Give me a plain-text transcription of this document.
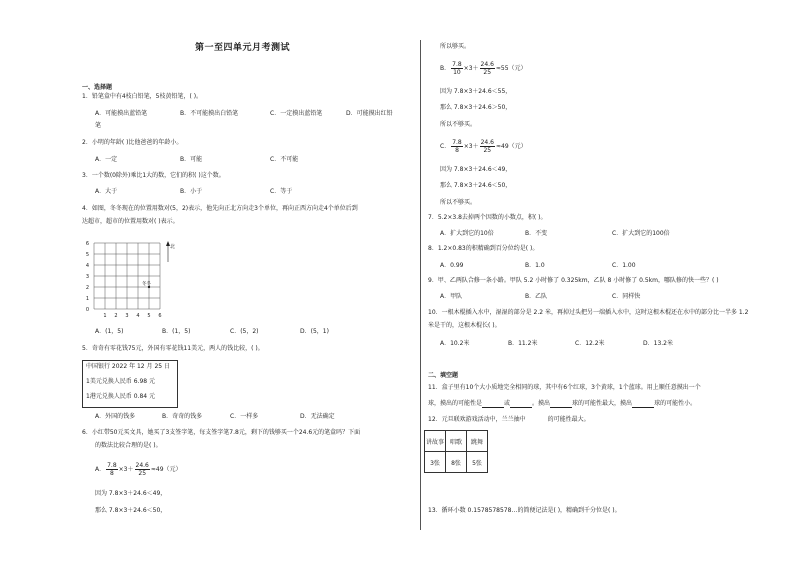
第一至四单元月考测试
一、选择题
1．铅笔盒中有4枝白铅笔，5枝黄铅笔，( )。
A．可能摸出蓝铅笔	B．不可能摸出白铅笔	C．一定摸出蓝铅笔	D．可能摸出红铅
笔
2．小明的年龄( )比他爸爸的年龄小。
A．一定	B．可能	C．不可能
3．一个数(0除外)乘比1大的数，它们的积( )这个数。
A．大于	B．小于	C．等于
4．如图，冬冬现在的位置用数对(5，2)表示，他先向正北方向走3个单位，再向正西方向走4个单位后到
达超市，超市的位置用数对( )表示。
6
5
4
3
2
1
0
1 2 3 4 5 6
北
冬冬
A．(1，5)	B．(1，5)	C．(5，2)	D．(5，1)
5．奇奇有零花钱75元，外国有零花钱11美元，两人的钱比较，( )。
中国银行 2022 年 12 月 25 日
1美元兑换人民币 6.98 元
1港元兑换人民币 0.84 元
A．外国的钱多	B．奇奇的钱多	C．一样多	D．无法确定
6．小红带50元买文具，她买了3支签字笔，每支签字笔7.8元，剩下的钱够买一个24.6元的笔盒吗？下面
的数法比较合理的是( )。
A． $\frac{7.8}{8} \times 3+ \frac{24.6}{25} \approx 49$（元）
因为 7.8×3＋24.6＜49，
那么 7.8×3＋24.6＜50，
所以够买。
B． $\frac{7.8}{10} \times 3+ \frac{24.6}{25} \approx 55$（元）
因为 7.8×3＋24.6＜55，
那么 7.8×3＋24.6＞50，
所以不够买。
C． $\frac{7.8}{8} \times 3+ \frac{24.6}{25} \approx 49$（元）
因为 7.8×3＋24.6＜49，
那么 7.8×3＋24.6＜50，
所以不够买。
7．5.2×3.8去掉两个因数的小数点，积( )。
A．扩大到它的10倍	B．不变	C．扩大到它的100倍
8．1.2×0.83的积精确到百分位约是( )。
A．0.99	B．1.0	C．1.00
9．甲、乙两队合修一条小路。甲队 5.2 小时修了 0.325km，乙队 8 小时修了 0.5km，哪队修的快一些？( )
A．甲队	B．乙队	C．同样快
10．一根木棍插入水中，湿湿的部分是 2.2 米，再掉过头把另一端插入水中，这时这根木棍还在水中的部分比一半多 1.2
米是干的，这根木棍长( )。
A．10.2米	B．11.2米	C．12.2米	D．13.2米
二、填空题
11．盒子里有10个大小质地完全相同的球，其中有6个红球，3个黄球，1个蓝球。用上顺任意摸出一个
球，摸出的可能性是	或	。摸出	球的可能性最大，摸出	球的可能性小。
12．元旦联欢游戏活动中，兰兰抽中	的可能性最大。
讲故事	唱歌	跳舞
3张	8张	5张
13．循环小数 0.1578578578…的简便记法是( )，精确到千分位是( )。
